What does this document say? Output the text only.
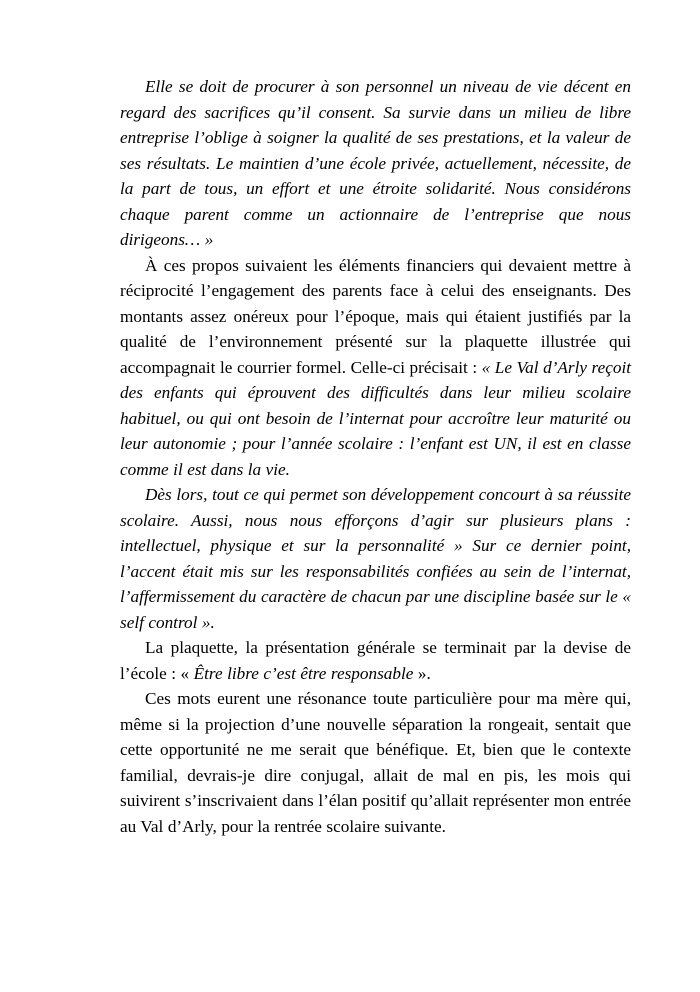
Elle se doit de procurer à son personnel un niveau de vie décent en regard des sacrifices qu’il consent. Sa survie dans un milieu de libre entreprise l’oblige à soigner la qualité de ses prestations, et la valeur de ses résultats. Le maintien d’une école privée, actuellement, nécessite, de la part de tous, un effort et une étroite solidarité. Nous considérons chaque parent comme un actionnaire de l’entreprise que nous dirigeons… »

À ces propos suivaient les éléments financiers qui devaient mettre à réciprocité l’engagement des parents face à celui des enseignants. Des montants assez onéreux pour l’époque, mais qui étaient justifiés par la qualité de l’environnement présenté sur la plaquette illustrée qui accompagnait le courrier formel. Celle-ci précisait : « Le Val d’Arly reçoit des enfants qui éprouvent des difficultés dans leur milieu scolaire habituel, ou qui ont besoin de l’internat pour accroître leur maturité ou leur autonomie ; pour l’année scolaire : l’enfant est UN, il est en classe comme il est dans la vie.

Dès lors, tout ce qui permet son développement concourt à sa réussite scolaire. Aussi, nous nous efforçons d’agir sur plusieurs plans : intellectuel, physique et sur la personnalité » Sur ce dernier point, l’accent était mis sur les responsabilités confiées au sein de l’internat, l’affermissement du caractère de chacun par une discipline basée sur le « self control ».

La plaquette, la présentation générale se terminait par la devise de l’école : « Être libre c’est être responsable ».

Ces mots eurent une résonance toute particulière pour ma mère qui, même si la projection d’une nouvelle séparation la rongeait, sentait que cette opportunité ne me serait que bénéfique. Et, bien que le contexte familial, devrais-je dire conjugal, allait de mal en pis, les mois qui suivirent s’inscrivaient dans l’élan positif qu’allait représenter mon entrée au Val d’Arly, pour la rentrée scolaire suivante.
